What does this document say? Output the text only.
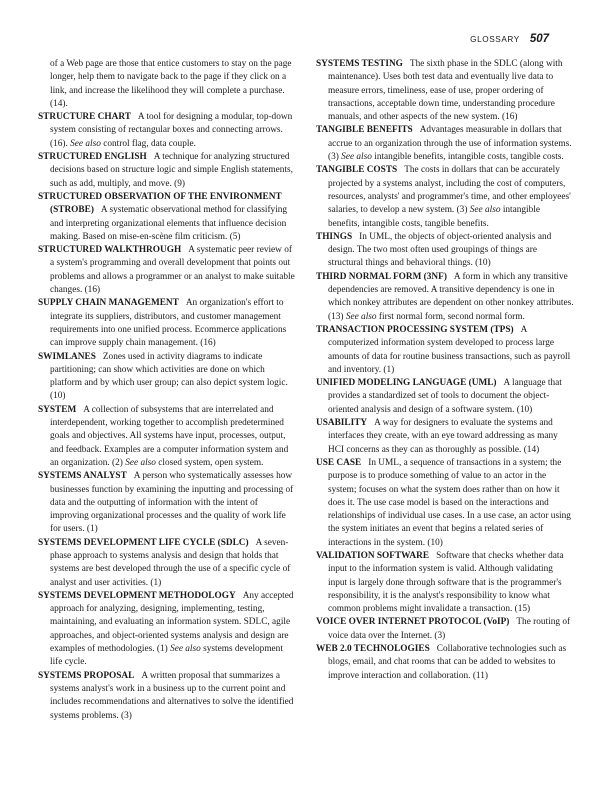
GLOSSARY 507

of a Web page are those that entice customers to stay on the page longer, help them to navigate back to the page if they click on a link, and increase the likelihood they will complete a purchase. (14).

STRUCTURE CHART A tool for designing a modular, top-down system consisting of rectangular boxes and connecting arrows. (16). See also control flag, data couple.

STRUCTURED ENGLISH A technique for analyzing structured decisions based on structure logic and simple English statements, such as add, multiply, and move. (9)

STRUCTURED OBSERVATION OF THE ENVIRONMENT (STROBE) A systematic observational method for classifying and interpreting organizational elements that influence decision making. Based on mise-en-scène film criticism. (5)

STRUCTURED WALKTHROUGH A systematic peer review of a system's programming and overall development that points out problems and allows a programmer or an analyst to make suitable changes. (16)

SUPPLY CHAIN MANAGEMENT An organization's effort to integrate its suppliers, distributors, and customer management requirements into one unified process. Ecommerce applications can improve supply chain management. (16)

SWIMLANES Zones used in activity diagrams to indicate partitioning; can show which activities are done on which platform and by which user group; can also depict system logic. (10)

SYSTEM A collection of subsystems that are interrelated and interdependent, working together to accomplish predetermined goals and objectives. All systems have input, processes, output, and feedback. Examples are a computer information system and an organization. (2) See also closed system, open system.

SYSTEMS ANALYST A person who systematically assesses how businesses function by examining the inputting and processing of data and the outputting of information with the intent of improving organizational processes and the quality of work life for users. (1)

SYSTEMS DEVELOPMENT LIFE CYCLE (SDLC) A seven-phase approach to systems analysis and design that holds that systems are best developed through the use of a specific cycle of analyst and user activities. (1)

SYSTEMS DEVELOPMENT METHODOLOGY Any accepted approach for analyzing, designing, implementing, testing, maintaining, and evaluating an information system. SDLC, agile approaches, and object-oriented systems analysis and design are examples of methodologies. (1) See also systems development life cycle.

SYSTEMS PROPOSAL A written proposal that summarizes a systems analyst's work in a business up to the current point and includes recommendations and alternatives to solve the identified systems problems. (3)

SYSTEMS TESTING The sixth phase in the SDLC (along with maintenance). Uses both test data and eventually live data to measure errors, timeliness, ease of use, proper ordering of transactions, acceptable down time, understanding procedure manuals, and other aspects of the new system. (16)

TANGIBLE BENEFITS Advantages measurable in dollars that accrue to an organization through the use of information systems. (3) See also intangible benefits, intangible costs, tangible costs.

TANGIBLE COSTS The costs in dollars that can be accurately projected by a systems analyst, including the cost of computers, resources, analysts' and programmer's time, and other employees' salaries, to develop a new system. (3) See also intangible benefits, intangible costs, tangible benefits.

THINGS In UML, the objects of object-oriented analysis and design. The two most often used groupings of things are structural things and behavioral things. (10)

THIRD NORMAL FORM (3NF) A form in which any transitive dependencies are removed. A transitive dependency is one in which nonkey attributes are dependent on other nonkey attributes. (13) See also first normal form, second normal form.

TRANSACTION PROCESSING SYSTEM (TPS) A computerized information system developed to process large amounts of data for routine business transactions, such as payroll and inventory. (1)

UNIFIED MODELING LANGUAGE (UML) A language that provides a standardized set of tools to document the object-oriented analysis and design of a software system. (10)

USABILITY A way for designers to evaluate the systems and interfaces they create, with an eye toward addressing as many HCI concerns as they can as thoroughly as possible. (14)

USE CASE In UML, a sequence of transactions in a system; the purpose is to produce something of value to an actor in the system; focuses on what the system does rather than on how it does it. The use case model is based on the interactions and relationships of individual use cases. In a use case, an actor using the system initiates an event that begins a related series of interactions in the system. (10)

VALIDATION SOFTWARE Software that checks whether data input to the information system is valid. Although validating input is largely done through software that is the programmer's responsibility, it is the analyst's responsibility to know what common problems might invalidate a transaction. (15)

VOICE OVER INTERNET PROTOCOL (VoIP) The routing of voice data over the Internet. (3)

WEB 2.0 TECHNOLOGIES Collaborative technologies such as blogs, email, and chat rooms that can be added to websites to improve interaction and collaboration. (11)
